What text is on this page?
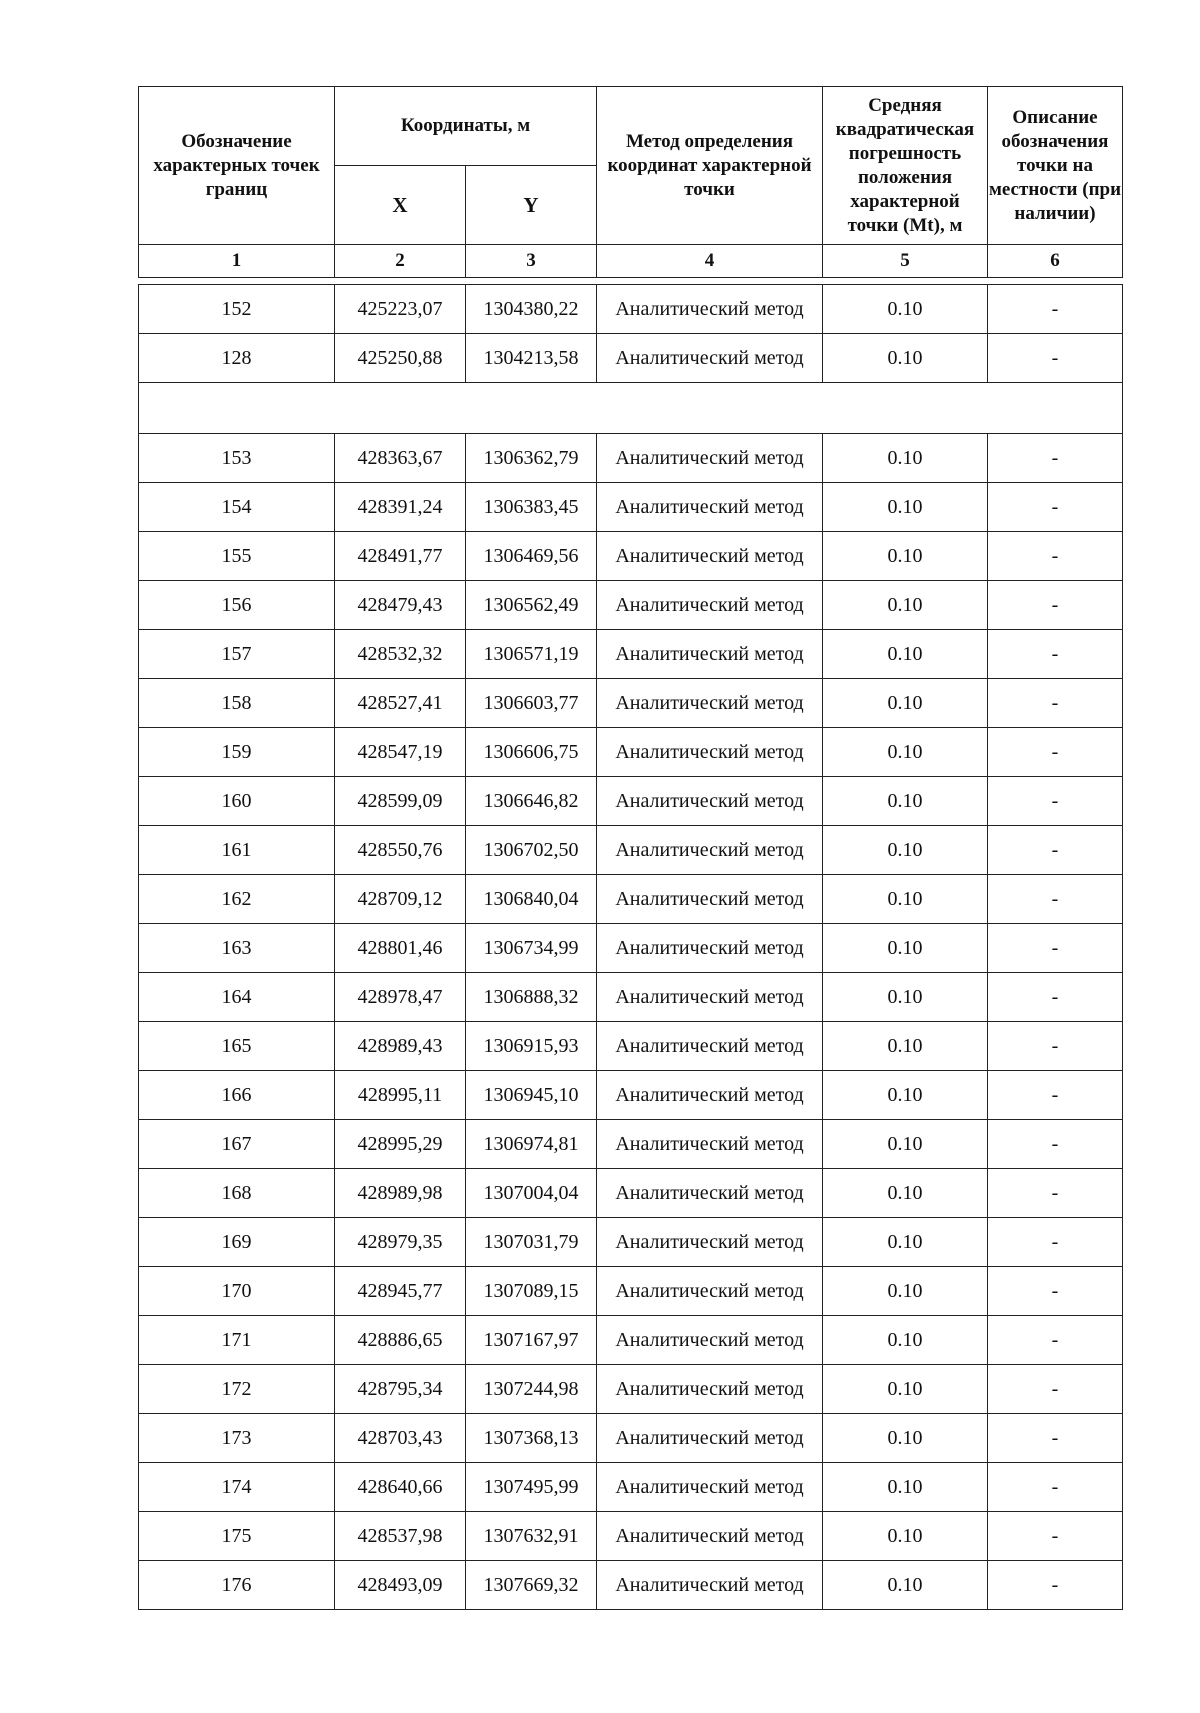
Обозначение характерных точек границ	Координаты, м		Метод определения координат характерной точки	Средняя квадратическая погрешность положения характерной точки (Mt), м	Описание обозначения точки на местности (при наличии)
	X	Y			
1	2	3	4	5	6

152	425223,07	1304380,22	Аналитический метод	0.10	-
128	425250,88	1304213,58	Аналитический метод	0.10	-

153	428363,67	1306362,79	Аналитический метод	0.10	-
154	428391,24	1306383,45	Аналитический метод	0.10	-
155	428491,77	1306469,56	Аналитический метод	0.10	-
156	428479,43	1306562,49	Аналитический метод	0.10	-
157	428532,32	1306571,19	Аналитический метод	0.10	-
158	428527,41	1306603,77	Аналитический метод	0.10	-
159	428547,19	1306606,75	Аналитический метод	0.10	-
160	428599,09	1306646,82	Аналитический метод	0.10	-
161	428550,76	1306702,50	Аналитический метод	0.10	-
162	428709,12	1306840,04	Аналитический метод	0.10	-
163	428801,46	1306734,99	Аналитический метод	0.10	-
164	428978,47	1306888,32	Аналитический метод	0.10	-
165	428989,43	1306915,93	Аналитический метод	0.10	-
166	428995,11	1306945,10	Аналитический метод	0.10	-
167	428995,29	1306974,81	Аналитический метод	0.10	-
168	428989,98	1307004,04	Аналитический метод	0.10	-
169	428979,35	1307031,79	Аналитический метод	0.10	-
170	428945,77	1307089,15	Аналитический метод	0.10	-
171	428886,65	1307167,97	Аналитический метод	0.10	-
172	428795,34	1307244,98	Аналитический метод	0.10	-
173	428703,43	1307368,13	Аналитический метод	0.10	-
174	428640,66	1307495,99	Аналитический метод	0.10	-
175	428537,98	1307632,91	Аналитический метод	0.10	-
176	428493,09	1307669,32	Аналитический метод	0.10	-
